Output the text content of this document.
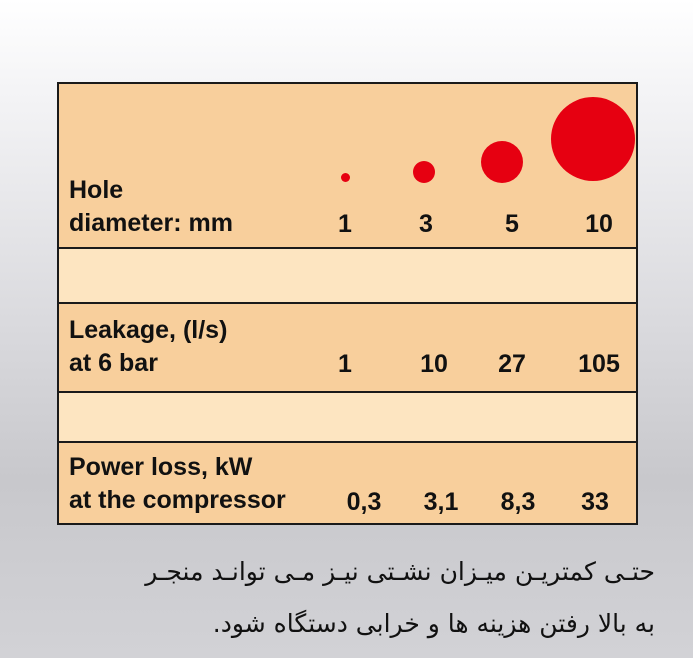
Hole
diameter: mm	1	3	5	10
Leakage, (l/s)
at 6 bar	1	10 27 105
Power loss, kW
at the compressor 0,3 3,1 8,3 33
حتـی کمتریـن میـزان نشـتی نیـز مـی توانـد منجـر
به بالا رفتن هزینه ها و خرابی دستگاه شود.
